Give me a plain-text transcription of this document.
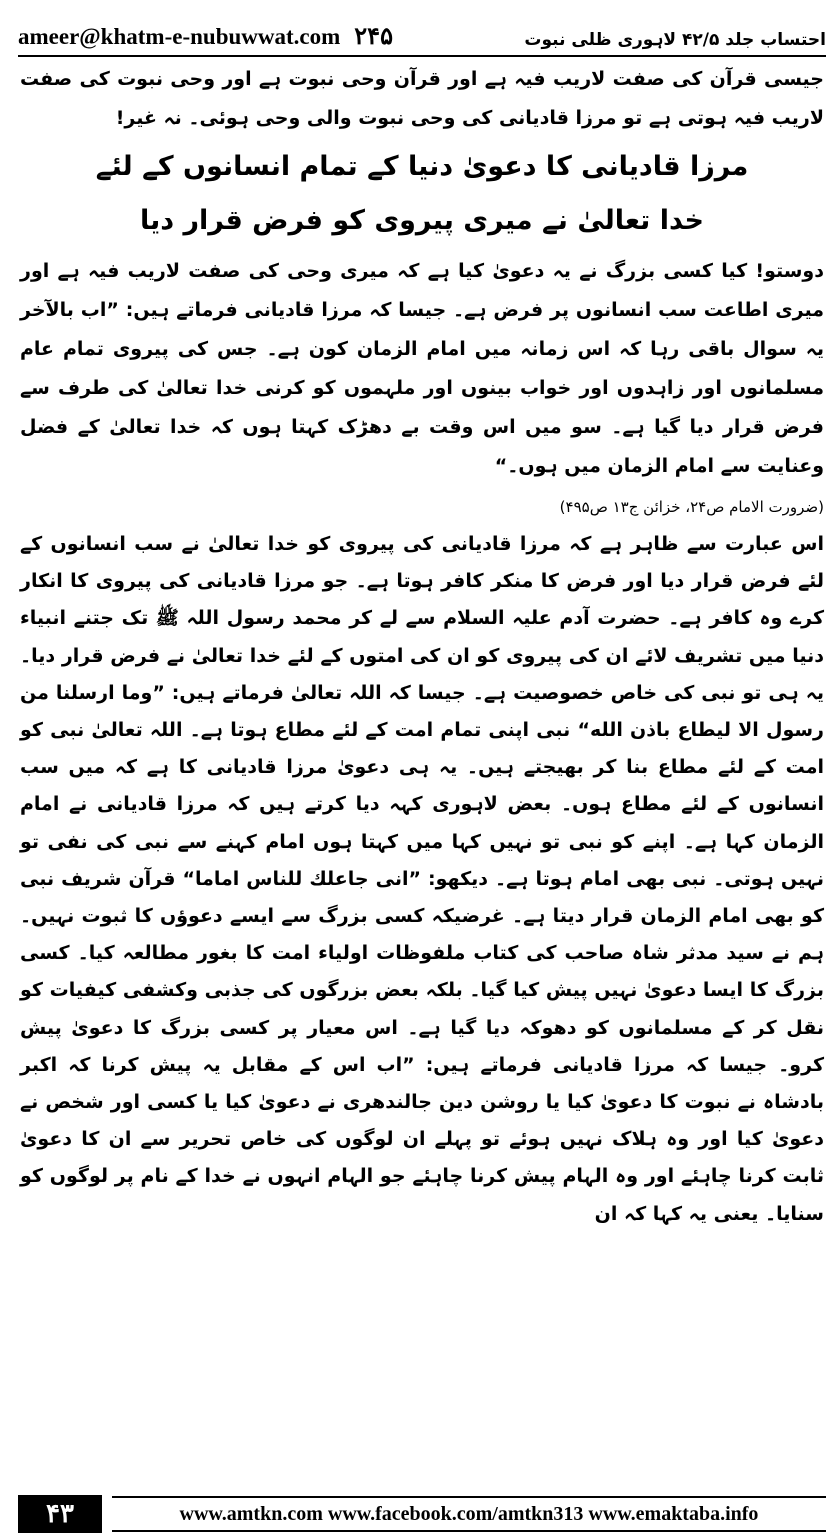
ameer@khatm-e-nubuwwat.com ۲۴۵	احتساب جلد ۴۲/۵ لاہوری ظلی نبوت

جیسی قرآن کی صفت لاریب فیہ ہے اور قرآن وحی نبوت ہے اور وحی نبوت کی صفت لاریب فیہ ہوتی ہے تو مرزا قادیانی کی وحی نبوت والی وحی ہوئی۔ نہ غیر!

مرزا قادیانی کا دعویٰ دنیا کے تمام انسانوں کے لئے
خدا تعالیٰ نے میری پیروی کو فرض قرار دیا

دوستو! کیا کسی بزرگ نے یہ دعویٰ کیا ہے کہ میری وحی کی صفت لاریب فیہ ہے اور میری اطاعت سب انسانوں پر فرض ہے۔ جیسا کہ مرزا قادیانی فرماتے ہیں: ”اب بالآخر یہ سوال باقی رہا کہ اس زمانہ میں امام الزمان کون ہے۔ جس کی پیروی تمام عام مسلمانوں اور زاہدوں اور خواب بینوں اور ملہموں کو کرنی خدا تعالیٰ کی طرف سے فرض قرار دیا گیا ہے۔ سو میں اس وقت بے دھڑک کہتا ہوں کہ خدا تعالیٰ کے فضل وعنایت سے امام الزمان میں ہوں۔“

(ضرورت الامام ص۲۴، خزائن ج۱۳ ص۴۹۵)

اس عبارت سے ظاہر ہے کہ مرزا قادیانی کی پیروی کو خدا تعالیٰ نے سب انسانوں کے لئے فرض قرار دیا اور فرض کا منکر کافر ہوتا ہے۔ جو مرزا قادیانی کی پیروی کا انکار کرے وہ کافر ہے۔ حضرت آدم علیہ السلام سے لے کر محمد رسول اللہ ﷺ تک جتنے انبیاء دنیا میں تشریف لائے ان کی پیروی کو ان کی امتوں کے لئے خدا تعالیٰ نے فرض قرار دیا۔ یہ ہی تو نبی کی خاص خصوصیت ہے۔ جیسا کہ اللہ تعالیٰ فرماتے ہیں: ”وما ارسلنا من رسول الا لیطاع باذن الله“ نبی اپنی تمام امت کے لئے مطاع ہوتا ہے۔ اللہ تعالیٰ نبی کو امت کے لئے مطاع بنا کر بھیجتے ہیں۔ یہ ہی دعویٰ مرزا قادیانی کا ہے کہ میں سب انسانوں کے لئے مطاع ہوں۔ بعض لاہوری کہہ دیا کرتے ہیں کہ مرزا قادیانی نے امام الزمان کہا ہے۔ اپنے کو نبی تو نہیں کہا میں کہتا ہوں امام کہنے سے نبی کی نفی تو نہیں ہوتی۔ نبی بھی امام ہوتا ہے۔ دیکھو: ”انی جاعلك للناس اماما“ قرآن شریف نبی کو بھی امام الزمان قرار دیتا ہے۔ غرضیکہ کسی بزرگ سے ایسے دعوؤں کا ثبوت نہیں۔ ہم نے سید مدثر شاہ صاحب کی کتاب ملفوظات اولیاء امت کا بغور مطالعہ کیا۔ کسی بزرگ کا ایسا دعویٰ نہیں پیش کیا گیا۔ بلکہ بعض بزرگوں کی جذبی وکشفی کیفیات کو نقل کر کے مسلمانوں کو دھوکہ دیا گیا ہے۔ اس معیار پر کسی بزرگ کا دعویٰ پیش کرو۔ جیسا کہ مرزا قادیانی فرماتے ہیں: ”اب اس کے مقابل یہ پیش کرنا کہ اکبر بادشاہ نے نبوت کا دعویٰ کیا یا روشن دین جالندھری نے دعویٰ کیا یا کسی اور شخص نے دعویٰ کیا اور وہ ہلاک نہیں ہوئے تو پہلے ان لوگوں کی خاص تحریر سے ان کا دعویٰ ثابت کرنا چاہئے اور وہ الہام پیش کرنا چاہئے جو الہام انہوں نے خدا کے نام پر لوگوں کو سنایا۔ یعنی یہ کہا کہ ان

۴۳	www.amtkn.com www.facebook.com/amtkn313 www.emaktaba.info
